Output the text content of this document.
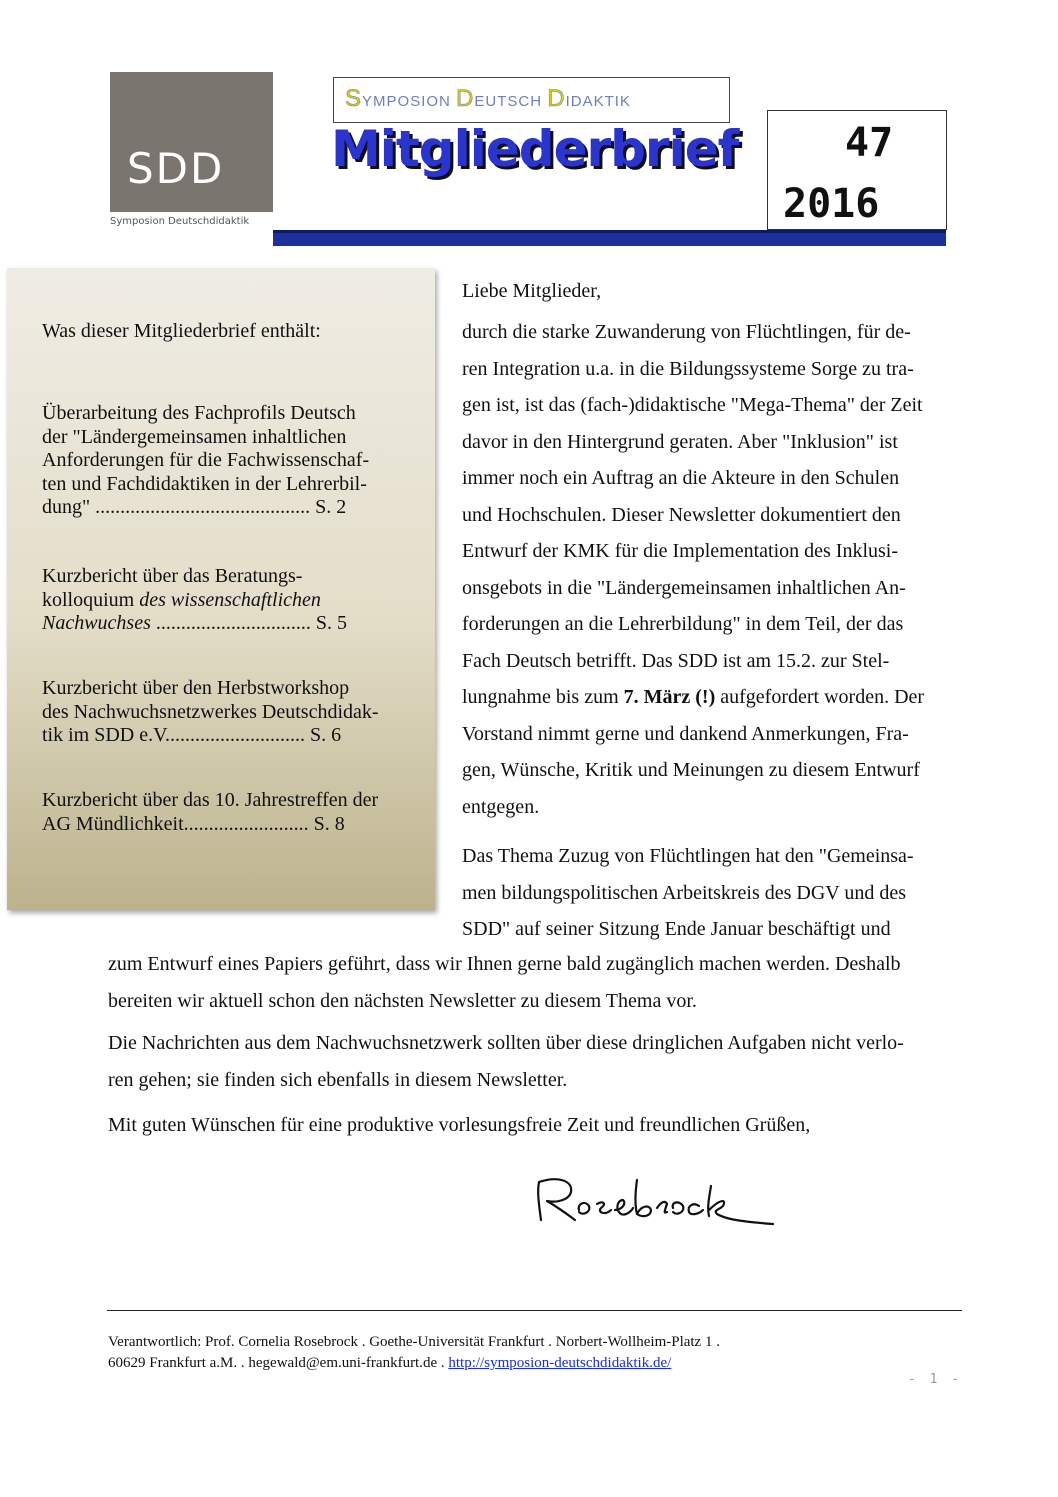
SDD
Symposion Deutschdidaktik
SYMPOSION DEUTSCH DIDAKTIK
Mitgliederbrief	47
2016
Was dieser Mitgliederbrief enthält:
Überarbeitung des Fachprofils Deutsch
der "Ländergemeinsamen inhaltlichen
Anforderungen für die Fachwissenschaf-
ten und Fachdidaktiken in der Lehrerbil-
dung" ........................................... S. 2
Kurzbericht über das Beratungs-
kolloquium des wissenschaftlichen
Nachwuchses ............................... S. 5
Kurzbericht über den Herbstworkshop
des Nachwuchsnetzwerkes Deutschdidak-
tik im SDD e.V............................ S. 6
Kurzbericht über das 10. Jahrestreffen der
AG Mündlichkeit......................... S. 8
Liebe Mitglieder,
durch die starke Zuwanderung von Flüchtlingen, für de-
ren Integration u.a. in die Bildungssysteme Sorge zu tra-
gen ist, ist das (fach-)didaktische "Mega-Thema" der Zeit
davor in den Hintergrund geraten. Aber "Inklusion" ist
immer noch ein Auftrag an die Akteure in den Schulen
und Hochschulen. Dieser Newsletter dokumentiert den
Entwurf der KMK für die Implementation des Inklusi-
onsgebots in die "Ländergemeinsamen inhaltlichen An-
forderungen an die Lehrerbildung" in dem Teil, der das
Fach Deutsch betrifft. Das SDD ist am 15.2. zur Stel-
lungnahme bis zum 7. März (!) aufgefordert worden. Der
Vorstand nimmt gerne und dankend Anmerkungen, Fra-
gen, Wünsche, Kritik und Meinungen zu diesem Entwurf
entgegen.
Das Thema Zuzug von Flüchtlingen hat den "Gemeinsa-
men bildungspolitischen Arbeitskreis des DGV und des
SDD" auf seiner Sitzung Ende Januar beschäftigt und
zum Entwurf eines Papiers geführt, dass wir Ihnen gerne bald zugänglich machen werden. Deshalb
bereiten wir aktuell schon den nächsten Newsletter zu diesem Thema vor.
Die Nachrichten aus dem Nachwuchsnetzwerk sollten über diese dringlichen Aufgaben nicht verlo-
ren gehen; sie finden sich ebenfalls in diesem Newsletter.
Mit guten Wünschen für eine produktive vorlesungsfreie Zeit und freundlichen Grüßen,
Verantwortlich: Prof. Cornelia Rosebrock . Goethe-Universität Frankfurt . Norbert-Wollheim-Platz 1 .
60629 Frankfurt a.M. . hegewald@em.uni-frankfurt.de . http://symposion-deutschdidaktik.de/
- 1 -
